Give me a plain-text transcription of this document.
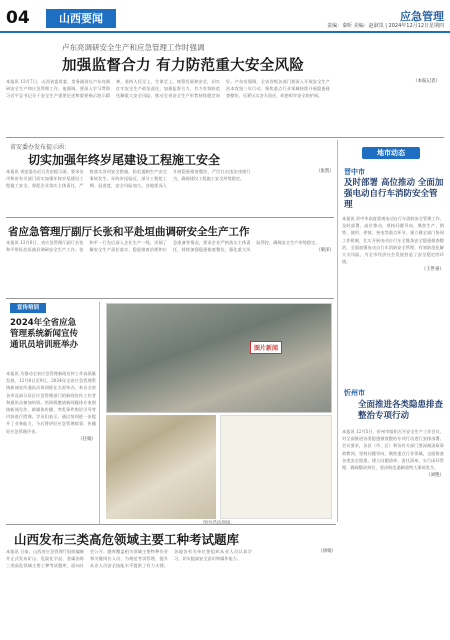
04	山西要闻	应急管理
责编：秦昕 美编：赵淑岚 | 2024年12月12日星期四
卢东亮调研安全生产和应急管理工作时强调
加强监督合力 有力防范重大安全风险

本报讯 12月7日，山西省委常委、常务副省长卢东亮调研安全生产和应急管理工作。他强调，要深入学习贯彻习近平总书记关于安全生产重要论述和重要指示批示精神，坚持人民至上、生命至上，统筹发展和安全，切实扛牢安全生产政治责任，加强监督合力，有力有效防范化解重大安全风险，推动全省安全生产形势持续稳定向好。卢东亮强调，全省各级各部门要深入开展安全生产治本攻坚三年行动，聚焦重点行业领域持续开展隐患排查整治，压紧压实各方责任，织密织牢安全防护网。

（本报记者）

省安委办发布提示函：
切实加强年终岁尾建设工程施工安全

本报讯 省安委办近日发布提示函，要求各市和省有关部门切实加强年终岁尾建设工程施工安全，督促企业落实主体责任，严格落实各项安全措施，防范遏制生产安全事故发生。年终岁尾临近，部分工程抢工期、赶进度，安全风险加大。各地要深入开展隐患排查整治，严厉打击违法违规行为，确保建设工程施工安全形势稳定。

（张凯）

省应急管理厅副厅长张和平赴垣曲调研安全生产工作

本报讯 12月6日，省应急管理厅副厅长张和平带队赴垣曲县调研安全生产工作。张和平一行先后深入企业生产一线，详细了解安全生产责任落实、隐患排查治理和应急准备等情况，要求企业严格落实主体责任，持续加强隐患排查整治，强化重大风险管控，确保安全生产形势稳定。

（梁泽）

宣传培训
2024年全省应急管理系统新闻宣传通讯员培训班举办

本报讯 为推动全省应急管理新闻宣传工作高质量发展，12月8日至9日，2024年全省应急管理系统新闻宣传通讯员培训班在太原举办。来自全省各市及部分县区应急管理部门的新闻宣传工作者和通讯员参加培训。培训班邀请新闻媒体专家围绕新闻写作、新媒体传播、突发事件舆论引导等内容进行授课。学员们表示，通过培训进一步提升了业务能力，今后将讲好应急管理故事，传播好应急管理声音。

（任娟）

图片新闻
地市动态
晋中市
及时部署 高位推动 全面加强电动自行车消防安全管理

本报讯 晋中市高度重视电动自行车消防安全管理工作，及时部署，高位推动，坚持问题导向，聚焦生产、销售、使用、停放、充电等重点环节，建立健全部门协同工作机制，扎实开展电动自行车全链条安全隐患排查整治，全面加强电动自行车消防安全管理，有效防范化解火灾风险，为全市经济社会发展营造了安全稳定的环境。

（王世豪）

忻州市
全面推进各类隐患排查整治专项行动

本报讯 12月5日，忻州市组织召开安全生产工作会议，对全面推进各类隐患排查整治专项行动进行安排部署。会议要求，各县（市、区）和各有关部门要深刻汲取事故教训，坚持问题导向，聚焦重点行业领域，全面排查各类安全隐患，建立问题清单、责任清单，实行闭环管理，确保整改到位，坚决防范遏制重特大事故发生。

（刘艳）

山西发布三类高危领域主要工种考试题库

本报讯 日前，山西省应急管理厅组织编制并正式发布矿山、危险化学品、金属冶炼三类高危领域主要工种考试题库，面向社会公开。题库覆盖相关领域主要特种作业和关键岗位人员，为规范考试管理、提升从业人员安全技能水平提供了有力支撑。各地各有关单位要组织从业人员认真学习，切实提高安全意识和操作能力。

（徐娟）
